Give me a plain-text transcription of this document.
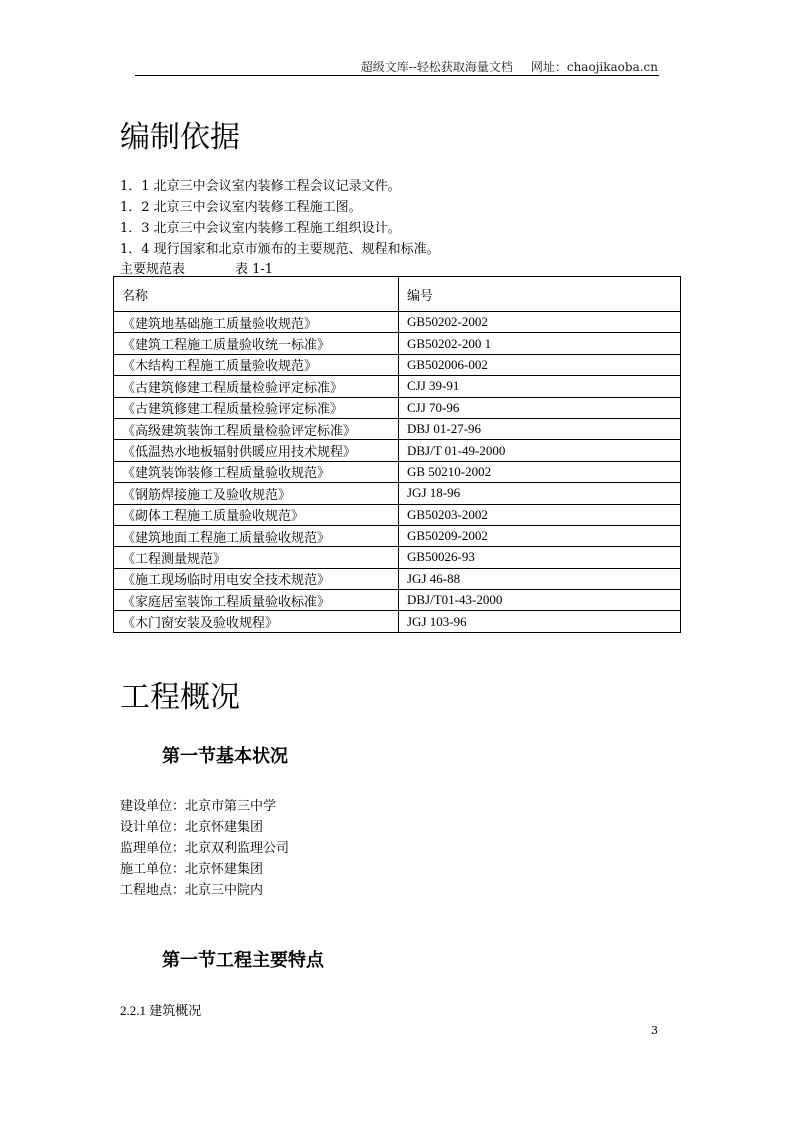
超级文库--轻松获取海量文档 网址：chaojikaoba.cn
编制依据
1．1 北京三中会议室内装修工程会议记录文件。
1．2 北京三中会议室内装修工程施工图。
1．3 北京三中会议室内装修工程施工组织设计。
1．4 现行国家和北京市颁布的主要规范、规程和标准。
主要规范表	表 1-1
名称	编号
《建筑地基础施工质量验收规范》	GB50202-2002
《建筑工程施工质量验收统一标准》	GB50202-200 1
《木结构工程施工质量验收规范》	GB502006-002
《古建筑修建工程质量检验评定标准》	CJJ 39-91
《古建筑修建工程质量检验评定标准》	CJJ 70-96
《高级建筑装饰工程质量检验评定标准》	DBJ 01-27-96
《低温热水地板辐射供暖应用技术规程》	DBJ/T 01-49-2000
《建筑装饰装修工程质量验收规范》	GB 50210-2002
《钢筋焊接施工及验收规范》	JGJ 18-96
《砌体工程施工质量验收规范》	GB50203-2002
《建筑地面工程施工质量验收规范》	GB50209-2002
《工程测量规范》	GB50026-93
《施工现场临时用电安全技术规范》	JGJ 46-88
《家庭居室装饰工程质量验收标准》	DBJ/T01-43-2000
《木门窗安装及验收规程》	JGJ 103-96
工程概况
第一节基本状况
建设单位：北京市第三中学
设计单位：北京怀建集团
监理单位：北京双利监理公司
施工单位：北京怀建集团
工程地点：北京三中院内
第一节工程主要特点
2.2.1 建筑概况
3
